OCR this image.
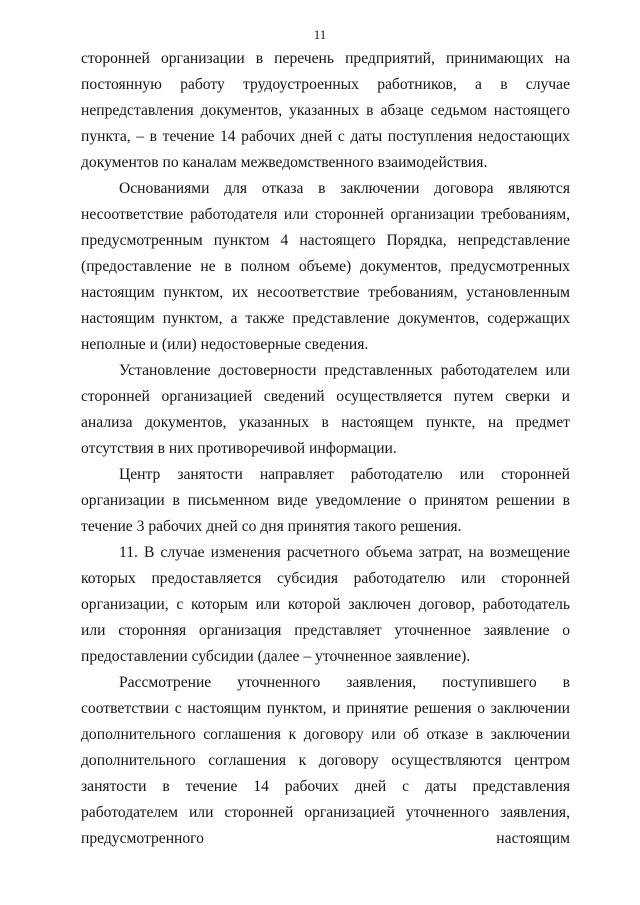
11

сторонней организации в перечень предприятий, принимающих на постоянную работу трудоустроенных работников, а в случае непредставления документов, указанных в абзаце седьмом настоящего пункта, – в течение 14 рабочих дней с даты поступления недостающих документов по каналам межведомственного взаимодействия.

Основаниями для отказа в заключении договора являются несоответствие работодателя или сторонней организации требованиям, предусмотренным пунктом 4 настоящего Порядка, непредставление (предоставление не в полном объеме) документов, предусмотренных настоящим пунктом, их несоответствие требованиям, установленным настоящим пунктом, а также представление документов, содержащих неполные и (или) недостоверные сведения.

Установление достоверности представленных работодателем или сторонней организацией сведений осуществляется путем сверки и анализа документов, указанных в настоящем пункте, на предмет отсутствия в них противоречивой информации.

Центр занятости направляет работодателю или сторонней организации в письменном виде уведомление о принятом решении в течение 3 рабочих дней со дня принятия такого решения.

11. В случае изменения расчетного объема затрат, на возмещение которых предоставляется субсидия работодателю или сторонней организации, с которым или которой заключен договор, работодатель или сторонняя организация представляет уточненное заявление о предоставлении субсидии (далее – уточненное заявление).

Рассмотрение уточненного заявления, поступившего в соответствии с настоящим пунктом, и принятие решения о заключении дополнительного соглашения к договору или об отказе в заключении дополнительного соглашения к договору осуществляются центром занятости в течение 14 рабочих дней с даты представления работодателем или сторонней организацией уточненного заявления, предусмотренного настоящим
